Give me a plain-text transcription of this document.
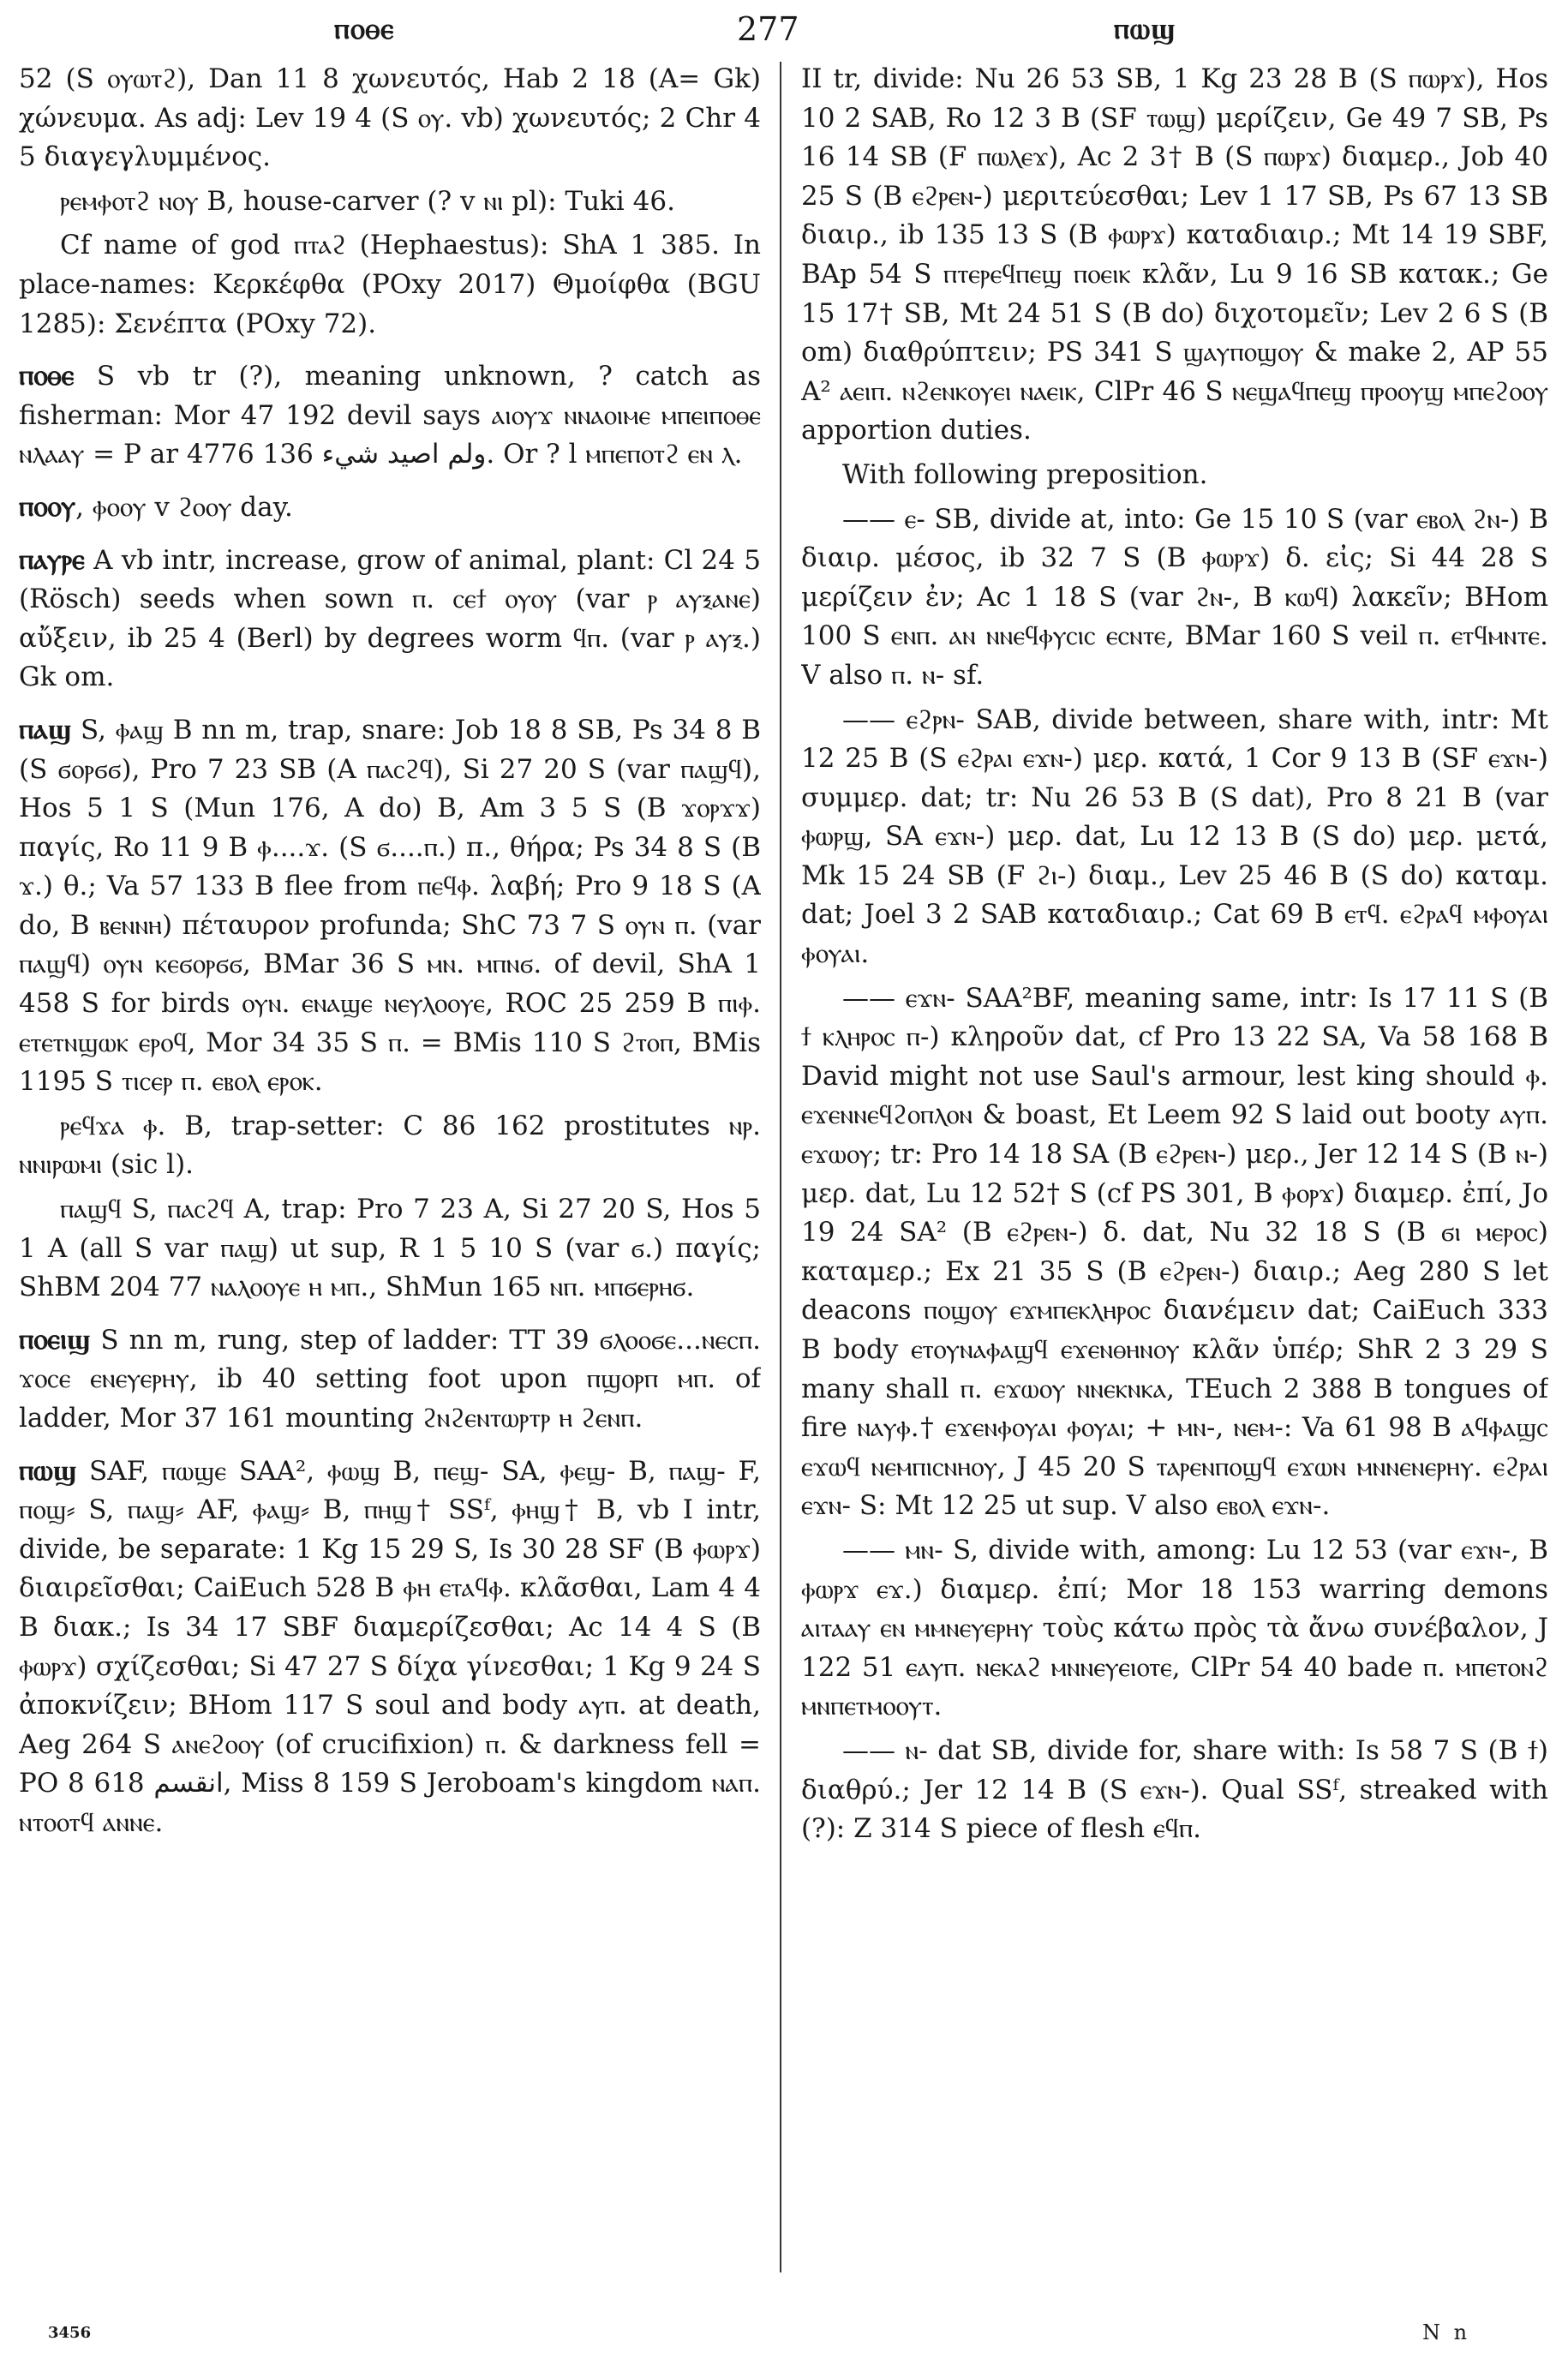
ⲡⲟⲑⲉ	277	ⲡⲱϣ

52 (S ⲟⲩⲱⲧϩ), Dan 11 8 χωνευτός, Hab 2 18 (A= Gk) χώνευμα. As adj: Lev 19 4 (S ⲟⲩ. vb) χωνευτός; 2 Chr 4 5 διαγεγλυμμένος.

ⲣⲉⲙⲫⲟⲧϩ ⲛⲟⲩ B, house-carver (? v ⲛⲓ pl): Tuki 46.

Cf name of god ⲡⲧⲁϩ (Hephaestus): ShA 1 385. In place-names: Κερκέφθα (POxy 2017) Θμοίφθα (BGU 1285): Σενέπτα (POxy 72).

ⲡⲟⲑⲉ S vb tr (?), meaning unknown, ? catch as fisherman: Mor 47 192 devil says ⲁⲓⲟⲩϫ ⲛⲛⲁⲟⲓⲙⲉ ⲙⲡⲉⲓⲡⲟⲑⲉ ⲛⲗⲁⲁⲩ = P ar 4776 136 ولم اصيد شيء. Or ? l ⲙⲡⲉⲡⲟⲧϩ ⲉⲛ ⲗ.

ⲡⲟⲟⲩ, ⲫⲟⲟⲩ v ϩⲟⲟⲩ day.

ⲡⲁⲩⲣⲉ A vb intr, increase, grow of animal, plant: Cl 24 5 (Rösch) seeds when sown ⲡ. ⲥⲉϯ ⲟⲩⲟⲩ (var ⲣ ⲁⲩⲝⲁⲛⲉ) αὔξειν, ib 25 4 (Berl) by degrees worm ϥⲡ. (var ⲣ ⲁⲩⲝ.) Gk om.

ⲡⲁϣ S, ⲫⲁϣ B nn m, trap, snare: Job 18 8 SB, Ps 34 8 B (S ϭⲟⲣϭϭ), Pro 7 23 SB (A ⲡⲁⲥϩϥ), Si 27 20 S (var ⲡⲁϣϥ), Hos 5 1 S (Mun 176, A do) B, Am 3 5 S (B ϫⲟⲣϫϫ) παγίς, Ro 11 9 B ⲫ....ϫ. (S ϭ....ⲡ.) π., θήρα; Ps 34 8 S (B ϫ.) θ.; Va 57 133 B flee from ⲡⲉϥⲫ. λαβή; Pro 9 18 S (A do, B ⲃⲉⲛⲛⲏ) πέταυρον profunda; ShC 73 7 S ⲟⲩⲛ ⲡ. (var ⲡⲁϣϥ) ⲟⲩⲛ ⲕⲉϭⲟⲣϭϭ, BMar 36 S ⲙⲛ. ⲙⲡⲛϭ. of devil, ShA 1 458 S for birds ⲟⲩⲛ. ⲉⲛⲁϣⲉ ⲛⲉⲩⲗⲟⲟⲩⲉ, ROC 25 259 B ⲡⲓⲫ. ⲉⲧⲉⲧⲛϣⲱⲕ ⲉⲣⲟϥ, Mor 34 35 S ⲡ. = BMis 110 S ϩⲧⲟⲡ, BMis 1195 S ⲧⲓⲥⲉⲣ ⲡ. ⲉⲃⲟⲗ ⲉⲣⲟⲕ.

ⲣⲉϥϫⲁ ⲫ. B, trap-setter: C 86 162 prostitutes ⲛⲣ. ⲛⲛⲓⲣⲱⲙⲓ (sic l).

ⲡⲁϣϥ S, ⲡⲁⲥϩϥ A, trap: Pro 7 23 A, Si 27 20 S, Hos 5 1 A (all S var ⲡⲁϣ) ut sup, R 1 5 10 S (var ϭ.) παγίς; ShBM 204 77 ⲛⲁⲗⲟⲟⲩⲉ ⲏ ⲙⲡ., ShMun 165 ⲛⲡ. ⲙⲡϭⲉⲣⲏϭ.

ⲡⲟⲉⲓϣ S nn m, rung, step of ladder: TT 39 ϭⲗⲟⲟϭⲉ...ⲛⲉⲥⲡ. ϫⲟⲥⲉ ⲉⲛⲉⲩⲉⲣⲏⲩ, ib 40 setting foot upon ⲡϣⲟⲣⲡ ⲙⲡ. of ladder, Mor 37 161 mounting ϩⲛϩⲉⲛⲧⲱⲣⲧⲣ ⲏ ϩⲉⲛⲡ.

ⲡⲱϣ SAF, ⲡⲱϣⲉ SAA², ⲫⲱϣ B, ⲡⲉϣ- SA, ⲫⲉϣ- B, ⲡⲁϣ- F, ⲡⲟϣ⸗ S, ⲡⲁϣ⸗ AF, ⲫⲁϣ⸗ B, ⲡⲏϣ† SSᶠ, ⲫⲏϣ† B, vb I intr, divide, be separate: 1 Kg 15 29 S, Is 30 28 SF (B ⲫⲱⲣϫ) διαιρεῖσθαι; CaiEuch 528 B ⲫⲏ ⲉⲧⲁϥⲫ. κλᾶσθαι, Lam 4 4 B διακ.; Is 34 17 SBF διαμερίζεσθαι; Ac 14 4 S (B ⲫⲱⲣϫ) σχίζεσθαι; Si 47 27 S δίχα γίνεσθαι; 1 Kg 9 24 S ἀποκνίζειν; BHom 117 S soul and body ⲁⲩⲡ. at death, Aeg 264 S ⲁⲛⲉϩⲟⲟⲩ (of crucifixion) ⲡ. & darkness fell = PO 8 618 انقسم, Miss 8 159 S Jeroboam's kingdom ⲛⲁⲡ. ⲛⲧⲟⲟⲧϥ ⲁⲛⲛⲉ.

II tr, divide: Nu 26 53 SB, 1 Kg 23 28 B (S ⲡⲱⲣϫ), Hos 10 2 SAB, Ro 12 3 B (SF ⲧⲱϣ) μερίζειν, Ge 49 7 SB, Ps 16 14 SB (F ⲡⲱⲗⲉϫ), Ac 2 3† B (S ⲡⲱⲣϫ) διαμερ., Job 40 25 S (B ⲉϩⲣⲉⲛ-) μεριτεύεσθαι; Lev 1 17 SB, Ps 67 13 SB διαιρ., ib 135 13 S (B ⲫⲱⲣϫ) καταδιαιρ.; Mt 14 19 SBF, BAp 54 S ⲡⲧⲉⲣⲉϥⲡⲉϣ ⲡⲟⲉⲓⲕ κλᾶν, Lu 9 16 SB κατακ.; Ge 15 17† SB, Mt 24 51 S (B do) διχοτομεῖν; Lev 2 6 S (B om) διαθρύπτειν; PS 341 S ϣⲁⲩⲡⲟϣⲟⲩ & make 2, AP 55 A² ⲁⲉⲓⲡ. ⲛϩⲉⲛⲕⲟⲩⲉⲓ ⲛⲁⲉⲓⲕ, ClPr 46 S ⲛⲉϣⲁϥⲡⲉϣ ⲡⲣⲟⲟⲩϣ ⲙⲡⲉϩⲟⲟⲩ apportion duties.

With following preposition.

—— ⲉ- SB, divide at, into: Ge 15 10 S (var ⲉⲃⲟⲗ ϩⲛ-) B διαιρ. μέσος, ib 32 7 S (B ⲫⲱⲣϫ) δ. εἰς; Si 44 28 S μερίζειν ἐν; Ac 1 18 S (var ϩⲛ-, B ⲕⲱϥ) λακεῖν; BHom 100 S ⲉⲛⲡ. ⲁⲛ ⲛⲛⲉϥⲫⲩⲥⲓⲥ ⲉⲥⲛⲧⲉ, BMar 160 S veil ⲡ. ⲉⲧϥⲙⲛⲧⲉ. V also ⲡ. ⲛ- sf.

—— ⲉϩⲣⲛ- SAB, divide between, share with, intr: Mt 12 25 B (S ⲉϩⲣⲁⲓ ⲉϫⲛ-) μερ. κατά, 1 Cor 9 13 B (SF ⲉϫⲛ-) συμμερ. dat; tr: Nu 26 53 B (S dat), Pro 8 21 B (var ⲫⲱⲣϣ, SA ⲉϫⲛ-) μερ. dat, Lu 12 13 B (S do) μερ. μετά, Mk 15 24 SB (F ϩⲓ-) διαμ., Lev 25 46 B (S do) καταμ. dat; Joel 3 2 SAB καταδιαιρ.; Cat 69 B ⲉⲧϥ. ⲉϩⲣⲁϥ ⲙⲫⲟⲩⲁⲓ ⲫⲟⲩⲁⲓ.

—— ⲉϫⲛ- SAA²BF, meaning same, intr: Is 17 11 S (B ϯ ⲕⲗⲏⲣⲟⲥ ⲡ-) κληροῦν dat, cf Pro 13 22 SA, Va 58 168 B David might not use Saul's armour, lest king should ⲫ. ⲉϫⲉⲛⲛⲉϥϩⲟⲡⲗⲟⲛ & boast, Et Leem 92 S laid out booty ⲁⲩⲡ. ⲉϫⲱⲟⲩ; tr: Pro 14 18 SA (B ⲉϩⲣⲉⲛ-) μερ., Jer 12 14 S (B ⲛ-) μερ. dat, Lu 12 52† S (cf PS 301, B ⲫⲟⲣϫ) διαμερ. ἐπί, Jo 19 24 SA² (B ⲉϩⲣⲉⲛ-) δ. dat, Nu 32 18 S (B ϭⲓ ⲙⲉⲣⲟⲥ) καταμερ.; Ex 21 35 S (B ⲉϩⲣⲉⲛ-) διαιρ.; Aeg 280 S let deacons ⲡⲟϣⲟⲩ ⲉϫⲙⲡⲉⲕⲗⲏⲣⲟⲥ διανέμειν dat; CaiEuch 333 B body ⲉⲧⲟⲩⲛⲁⲫⲁϣϥ ⲉϫⲉⲛⲑⲏⲛⲟⲩ κλᾶν ὑπέρ; ShR 2 3 29 S many shall ⲡ. ⲉϫⲱⲟⲩ ⲛⲛⲉⲕⲛⲕⲁ, TEuch 2 388 B tongues of fire ⲛⲁⲩⲫ.† ⲉϫⲉⲛⲫⲟⲩⲁⲓ ⲫⲟⲩⲁⲓ; + ⲙⲛ-, ⲛⲉⲙ-: Va 61 98 B ⲁϥⲫⲁϣⲥ ⲉϫⲱϥ ⲛⲉⲙⲡⲓⲥⲛⲏⲟⲩ, J 45 20 S ⲧⲁⲣⲉⲛⲡⲟϣϥ ⲉϫⲱⲛ ⲙⲛⲛⲉⲛⲉⲣⲏⲩ. ⲉϩⲣⲁⲓ ⲉϫⲛ- S: Mt 12 25 ut sup. V also ⲉⲃⲟⲗ ⲉϫⲛ-.

—— ⲙⲛ- S, divide with, among: Lu 12 53 (var ⲉϫⲛ-, B ⲫⲱⲣϫ ⲉϫ.) διαμερ. ἐπί; Mor 18 153 warring demons ⲁⲓⲧⲁⲁⲩ ⲉⲛ ⲙⲙⲛⲉⲩⲉⲣⲏⲩ τοὺς κάτω πρὸς τὰ ἄνω συνέβαλον, J 122 51 ⲉⲁⲩⲡ. ⲛⲉⲕⲁϩ ⲙⲛⲛⲉⲩⲉⲓⲟⲧⲉ, ClPr 54 40 bade ⲡ. ⲙⲡⲉⲧⲟⲛϩ ⲙⲛⲡⲉⲧⲙⲟⲟⲩⲧ.

—— ⲛ- dat SB, divide for, share with: Is 58 7 S (B ϯ) διαθρύ.; Jer 12 14 B (S ⲉϫⲛ-). Qual SSᶠ, streaked with (?): Z 314 S piece of flesh ⲉϥⲡ.

3456	N n
